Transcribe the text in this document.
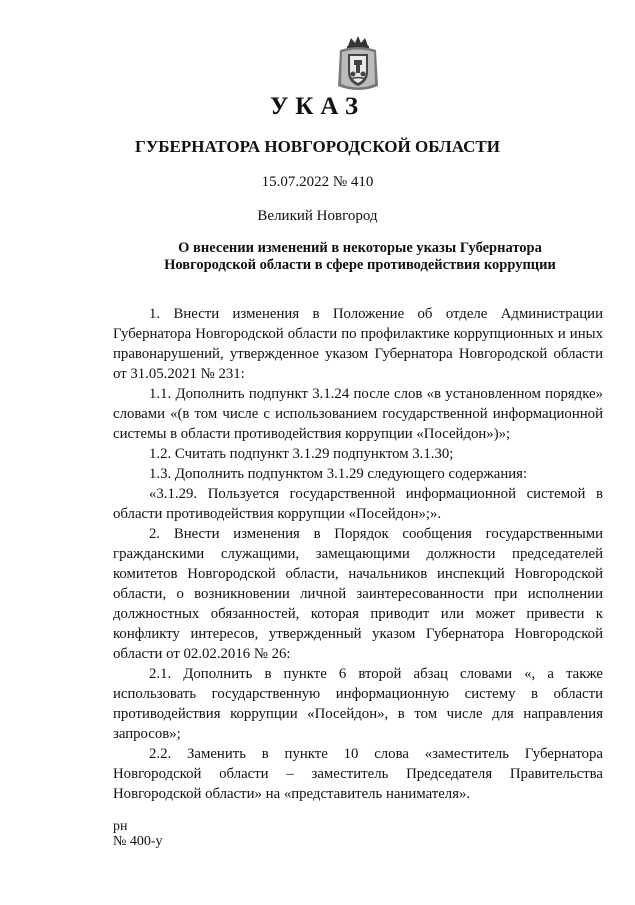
УКАЗ
ГУБЕРНАТОРА НОВГОРОДСКОЙ ОБЛАСТИ
15.07.2022 № 410
Великий Новгород
О внесении изменений в некоторые указы Губернатора
Новгородской области в сфере противодействия коррупции

1. Внести изменения в Положение об отделе Администрации Губернатора Новгородской области по профилактике коррупционных и иных правонарушений, утвержденное указом Губернатора Новгородской области от 31.05.2021 № 231:

1.1. Дополнить подпункт 3.1.24 после слов «в установленном порядке» словами «(в том числе с использованием государственной информационной системы в области противодействия коррупции «Посейдон»)»;

1.2. Считать подпункт 3.1.29 подпунктом 3.1.30;

1.3. Дополнить подпунктом 3.1.29 следующего содержания:

«3.1.29. Пользуется государственной информационной системой в области противодействия коррупции «Посейдон»;».

2. Внести изменения в Порядок сообщения государственными гражданскими служащими, замещающими должности председателей комитетов Новгородской области, начальников инспекций Новгородской области, о возникновении личной заинтересованности при исполнении должностных обязанностей, которая приводит или может привести к конфликту интересов, утвержденный указом Губернатора Новгородской области от 02.02.2016 № 26:

2.1. Дополнить в пункте 6 второй абзац словами «, а также использовать государственную информационную систему в области противодействия коррупции «Посейдон», в том числе для направления запросов»;

2.2. Заменить в пункте 10 слова «заместитель Губернатора Новгородской области – заместитель Председателя Правительства Новгородской области» на «представитель нанимателя».

рн
№ 400-у
